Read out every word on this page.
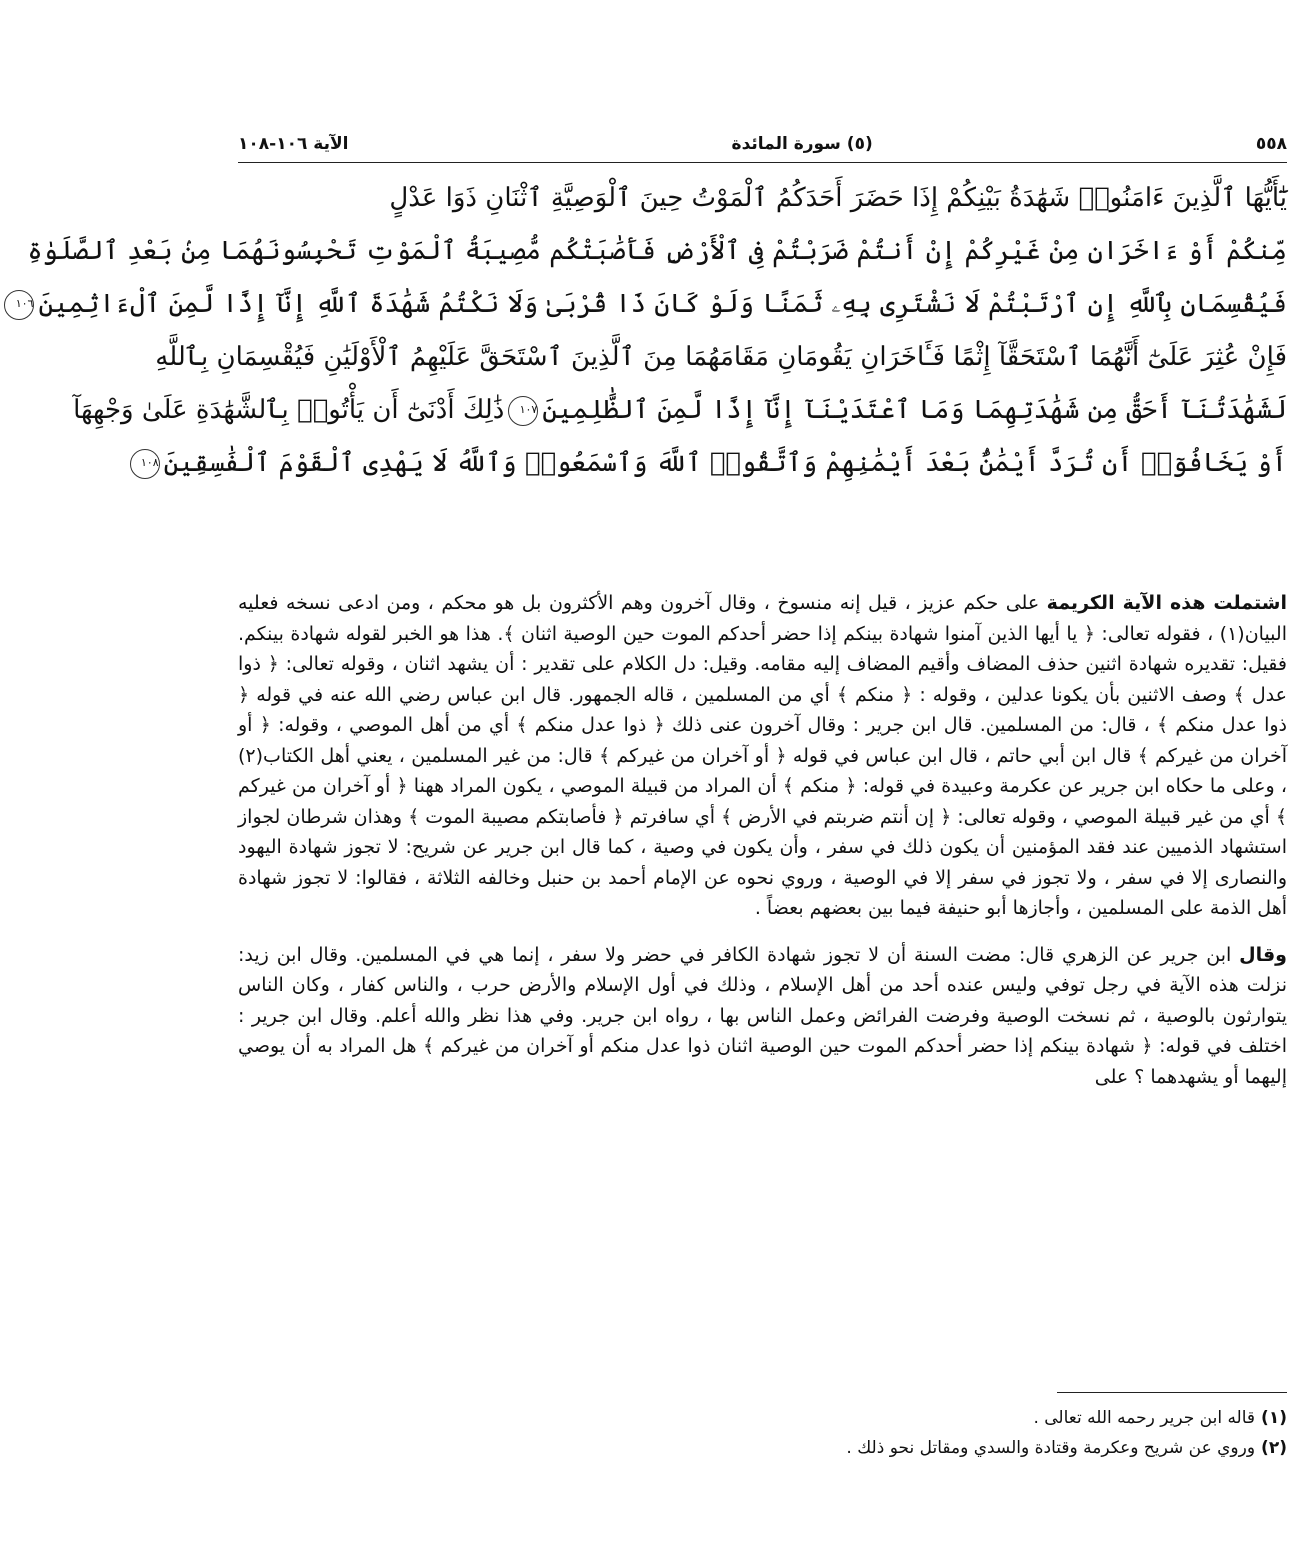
٥٥٨
(٥) سورة المائدة
الآية ١٠٦-١٠٨
يَٰٓأَيُّهَا ٱلَّذِينَ ءَامَنُوا۟ شَهَٰدَةُ بَيْنِكُمْ إِذَا حَضَرَ أَحَدَكُمُ ٱلْمَوْتُ حِينَ ٱلْوَصِيَّةِ ٱثْنَانِ ذَوَا عَدْلٍ
مِّنكُمْ أَوْ ءَاخَرَانِ مِنْ غَيْرِكُمْ إِنْ أَنتُمْ ضَرَبْتُمْ فِى ٱلْأَرْضِ فَأَصَٰبَتْكُم مُّصِيبَةُ ٱلْمَوْتِ تَحْبِسُونَهُمَا مِنۢ بَعْدِ ٱلصَّلَوٰةِ
فَيُقْسِمَانِ بِٱللَّهِ إِنِ ٱرْتَبْتُمْ لَا نَشْتَرِى بِهِۦ ثَمَنًا وَلَوْ كَانَ ذَا قُرْبَىٰ وَلَا نَكْتُمُ شَهَٰدَةَ ٱللَّهِ إِنَّآ إِذًا لَّمِنَ ٱلْءَاثِمِينَ١٠٦
فَإِنْ عُثِرَ عَلَىٰٓ أَنَّهُمَا ٱسْتَحَقَّآ إِثْمًا فَـَٔاخَرَانِ يَقُومَانِ مَقَامَهُمَا مِنَ ٱلَّذِينَ ٱسْتَحَقَّ عَلَيْهِمُ ٱلْأَوْلَيَٰنِ فَيُقْسِمَانِ بِٱللَّهِ
لَشَهَٰدَتُنَآ أَحَقُّ مِن شَهَٰدَتِهِمَا وَمَا ٱعْتَدَيْنَآ إِنَّآ إِذًا لَّمِنَ ٱلظَّٰلِمِينَ١٠٧ذَٰلِكَ أَدْنَىٰٓ أَن يَأْتُوا۟ بِٱلشَّهَٰدَةِ عَلَىٰ وَجْهِهَآ
أَوْ يَخَافُوٓا۟ أَن تُرَدَّ أَيْمَٰنٌۢ بَعْدَ أَيْمَٰنِهِمْ وَٱتَّقُوا۟ ٱللَّهَ وَٱسْمَعُوا۟ وَٱللَّهُ لَا يَهْدِى ٱلْقَوْمَ ٱلْفَٰسِقِينَ١٠٨

اشتملت هذه الآية الكريمة على حكم عزيز ، قيل إنه منسوخ ، وقال آخرون وهم الأكثرون بل هو محكم ، ومن ادعى نسخه فعليه البيان(١) ، فقوله تعالى: ﴿ يا أيها الذين آمنوا شهادة بينكم إذا حضر أحدكم الموت حين الوصية اثنان ﴾. هذا هو الخبر لقوله شهادة بينكم. فقيل: تقديره شهادة اثنين حذف المضاف وأقيم المضاف إليه مقامه. وقيل: دل الكلام على تقدير : أن يشهد اثنان ، وقوله تعالى: ﴿ ذوا عدل ﴾ وصف الاثنين بأن يكونا عدلين ، وقوله : ﴿ منكم ﴾ أي من المسلمين ، قاله الجمهور. قال ابن عباس رضي الله عنه في قوله ﴿ ذوا عدل منكم ﴾ ، قال: من المسلمين. قال ابن جرير : وقال آخرون عنى ذلك ﴿ ذوا عدل منكم ﴾ أي من أهل الموصي ، وقوله: ﴿ أو آخران من غيركم ﴾ قال ابن أبي حاتم ، قال ابن عباس في قوله ﴿ أو آخران من غيركم ﴾ قال: من غير المسلمين ، يعني أهل الكتاب(٢) ، وعلى ما حكاه ابن جرير عن عكرمة وعبيدة في قوله: ﴿ منكم ﴾ أن المراد من قبيلة الموصي ، يكون المراد ههنا ﴿ أو آخران من غيركم ﴾ أي من غير قبيلة الموصي ، وقوله تعالى: ﴿ إن أنتم ضربتم في الأرض ﴾ أي سافرتم ﴿ فأصابتكم مصيبة الموت ﴾ وهذان شرطان لجواز استشهاد الذميين عند فقد المؤمنين أن يكون ذلك في سفر ، وأن يكون في وصية ، كما قال ابن جرير عن شريح: لا تجوز شهادة اليهود والنصارى إلا في سفر ، ولا تجوز في سفر إلا في الوصية ، وروي نحوه عن الإمام أحمد بن حنبل وخالفه الثلاثة ، فقالوا: لا تجوز شهادة أهل الذمة على المسلمين ، وأجازها أبو حنيفة فيما بين بعضهم بعضاً .

وقال ابن جرير عن الزهري قال: مضت السنة أن لا تجوز شهادة الكافر في حضر ولا سفر ، إنما هي في المسلمين. وقال ابن زيد: نزلت هذه الآية في رجل توفي وليس عنده أحد من أهل الإسلام ، وذلك في أول الإسلام والأرض حرب ، والناس كفار ، وكان الناس يتوارثون بالوصية ، ثم نسخت الوصية وفرضت الفرائض وعمل الناس بها ، رواه ابن جرير. وفي هذا نظر والله أعلم. وقال ابن جرير : اختلف في قوله: ﴿ شهادة بينكم إذا حضر أحدكم الموت حين الوصية اثنان ذوا عدل منكم أو آخران من غيركم ﴾ هل المراد به أن يوصي إليهما أو يشهدهما ؟ على

(١)قاله ابن جرير رحمه الله تعالى .
(٢)وروي عن شريح وعكرمة وقتادة والسدي ومقاتل نحو ذلك .
